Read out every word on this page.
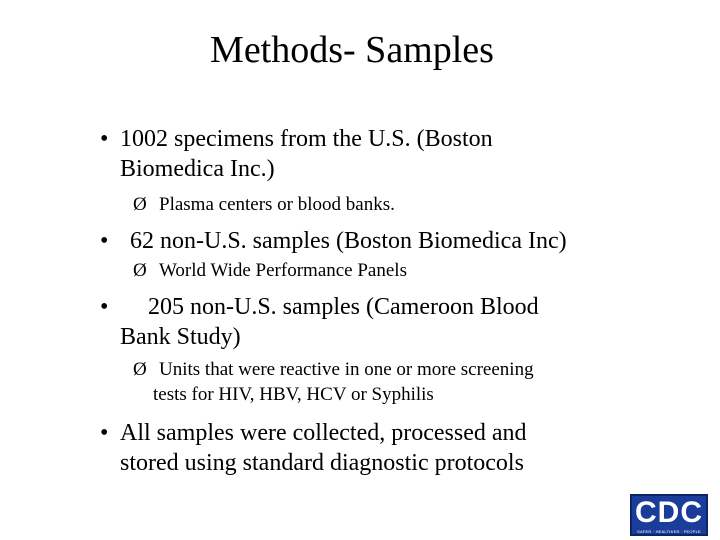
Methods- Samples
• 1002 specimens from the U.S. (Boston
Biomedica Inc.)
Ø Plasma centers or blood banks.
• 62 non-U.S. samples (Boston Biomedica Inc)
Ø World Wide Performance Panels
• 205 non-U.S. samples (Cameroon Blood
Bank Study)
Ø Units that were reactive in one or more screening
tests for HIV, HBV, HCV or Syphilis
• All samples were collected, processed and
stored using standard diagnostic protocols
CDC
SAFER · HEALTHIER · PEOPLE
